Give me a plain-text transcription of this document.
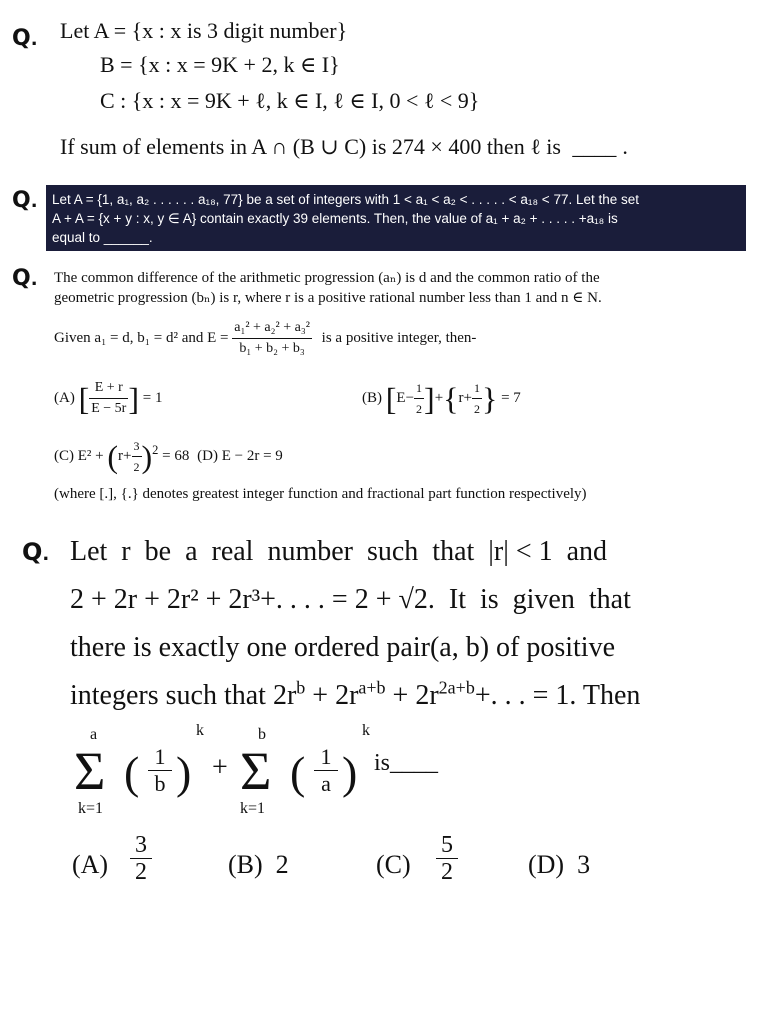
Q. Let A = {x : x is 3 digit number}
B = {x : x = 9K + 2, k ∈ I}
C : {x : x = 9K + ℓ, k ∈ I, ℓ ∈ I, 0 < ℓ < 9}
If sum of elements in A ∩ (B ∪ C) is 274 × 400 then ℓ is ____ .
Q. Let A = {1, a₁, a₂ . . . . . . a₁₈, 77} be a set of integers with 1 < a₁ < a₂ < . . . . . < a₁₈ < 77. Let the set
A + A = {x + y : x, y ∈ A} contain exactly 39 elements. Then, the value of a₁ + a₂ + . . . . . +a₁₈ is
equal to ______.
Q. The common difference of the arithmetic progression (aₙ) is d and the common ratio of the
geometric progression (bₙ) is r, where r is a positive rational number less than 1 and n ∈ N.
Given a₁ = d, b₁ = d² and $E = \frac{\text{a₁² + a₂² + a₃²}}{\text{b₁ + b₂ + b₃}}$ is a positive integer, then-
(A) [ $\frac{E + r}{E - 5r}$ ] = 1	(B) $[E- \frac{1}{2} ]+\{r+ \frac{1}{2}$ } = 7
(C) $E^2 + (r+ \frac{3}{2} )^2 = 68$ (D) E − 2r = 9
(where [.], {.} denotes greatest integer function and fractional part function respectively)
Q. Let  r  be  a  real  number  such  that  |r| < 1  and
2 + 2r + 2r² + 2r³+. . . . = 2 + √2.  It  is  given  that
there is exactly one ordered pair(a, b) of positive
integers such that $2r^b + 2r^{a+b} + 2r^{2a+b}+$. . . = 1. Then
a
Σ
k=1
( 1
b )
k
+
b
Σ
k=1
( 1
a )
k
is____
$(A) \frac{3}{2}$	(B)  2	$(C) \frac{5}{2}$	(D)  3
